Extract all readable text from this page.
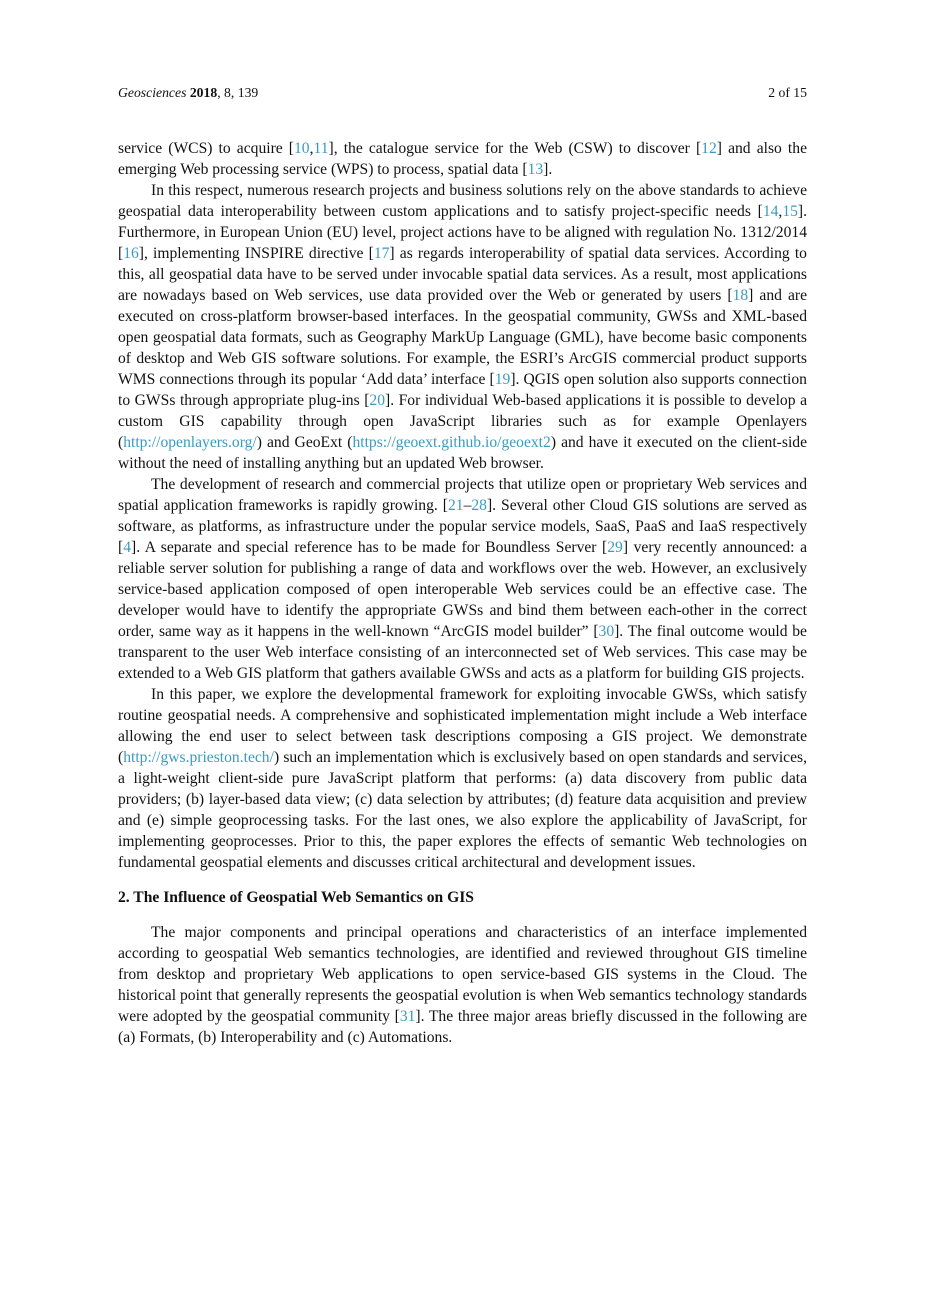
Geosciences 2018, 8, 139	2 of 15

service (WCS) to acquire [10,11], the catalogue service for the Web (CSW) to discover [12] and also the emerging Web processing service (WPS) to process, spatial data [13].

In this respect, numerous research projects and business solutions rely on the above standards to achieve geospatial data interoperability between custom applications and to satisfy project-specific needs [14,15]. Furthermore, in European Union (EU) level, project actions have to be aligned with regulation No. 1312/2014 [16], implementing INSPIRE directive [17] as regards interoperability of spatial data services. According to this, all geospatial data have to be served under invocable spatial data services. As a result, most applications are nowadays based on Web services, use data provided over the Web or generated by users [18] and are executed on cross-platform browser-based interfaces. In the geospatial community, GWSs and XML-based open geospatial data formats, such as Geography MarkUp Language (GML), have become basic components of desktop and Web GIS software solutions. For example, the ESRI’s ArcGIS commercial product supports WMS connections through its popular ‘Add data’ interface [19]. QGIS open solution also supports connection to GWSs through appropriate plug-ins [20]. For individual Web-based applications it is possible to develop a custom GIS capability through open JavaScript libraries such as for example Openlayers (http://openlayers.org/) and GeoExt (https://geoext.github.io/geoext2) and have it executed on the client-side without the need of installing anything but an updated Web browser.

The development of research and commercial projects that utilize open or proprietary Web services and spatial application frameworks is rapidly growing. [21–28]. Several other Cloud GIS solutions are served as software, as platforms, as infrastructure under the popular service models, SaaS, PaaS and IaaS respectively [4]. A separate and special reference has to be made for Boundless Server [29] very recently announced: a reliable server solution for publishing a range of data and workflows over the web. However, an exclusively service-based application composed of open interoperable Web services could be an effective case. The developer would have to identify the appropriate GWSs and bind them between each-other in the correct order, same way as it happens in the well-known “ArcGIS model builder” [30]. The final outcome would be transparent to the user Web interface consisting of an interconnected set of Web services. This case may be extended to a Web GIS platform that gathers available GWSs and acts as a platform for building GIS projects.

In this paper, we explore the developmental framework for exploiting invocable GWSs, which satisfy routine geospatial needs. A comprehensive and sophisticated implementation might include a Web interface allowing the end user to select between task descriptions composing a GIS project. We demonstrate (http://gws.prieston.tech/) such an implementation which is exclusively based on open standards and services, a light-weight client-side pure JavaScript platform that performs: (a) data discovery from public data providers; (b) layer-based data view; (c) data selection by attributes; (d) feature data acquisition and preview and (e) simple geoprocessing tasks. For the last ones, we also explore the applicability of JavaScript, for implementing geoprocesses. Prior to this, the paper explores the effects of semantic Web technologies on fundamental geospatial elements and discusses critical architectural and development issues.

2. The Influence of Geospatial Web Semantics on GIS

The major components and principal operations and characteristics of an interface implemented according to geospatial Web semantics technologies, are identified and reviewed throughout GIS timeline from desktop and proprietary Web applications to open service-based GIS systems in the Cloud. The historical point that generally represents the geospatial evolution is when Web semantics technology standards were adopted by the geospatial community [31]. The three major areas briefly discussed in the following are (a) Formats, (b) Interoperability and (c) Automations.
